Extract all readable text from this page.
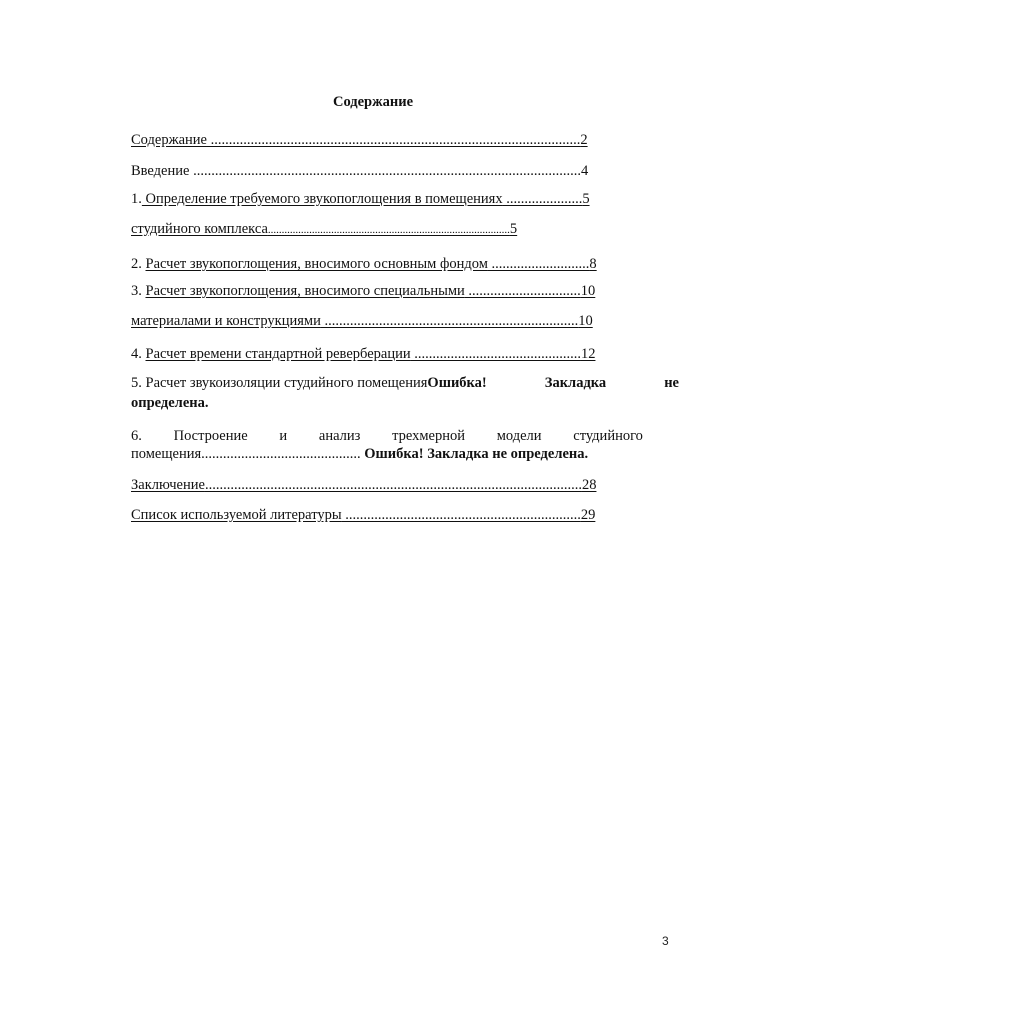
Содержание
Содержание ......................................................................................................2
Введение ...........................................................................................................4
1. Определение требуемого звукопоглощения в помещениях .....................5
студийного комплекса........................................................................................5
2. Расчет звукопоглощения, вносимого основным фондом ...........................8
3. Расчет звукопоглощения, вносимого специальными ...............................10
материалами и конструкциями ......................................................................10
4. Расчет времени стандартной реверберации ..............................................12
5. Расчет звукоизоляции студийного помещенияОшибка!	Закладка	не
определена.
6. Построение и анализ трехмерной модели студийного
помещения............................................ Ошибка! Закладка не определена.
Заключение........................................................................................................28
Список используемой литературы .................................................................29
3
